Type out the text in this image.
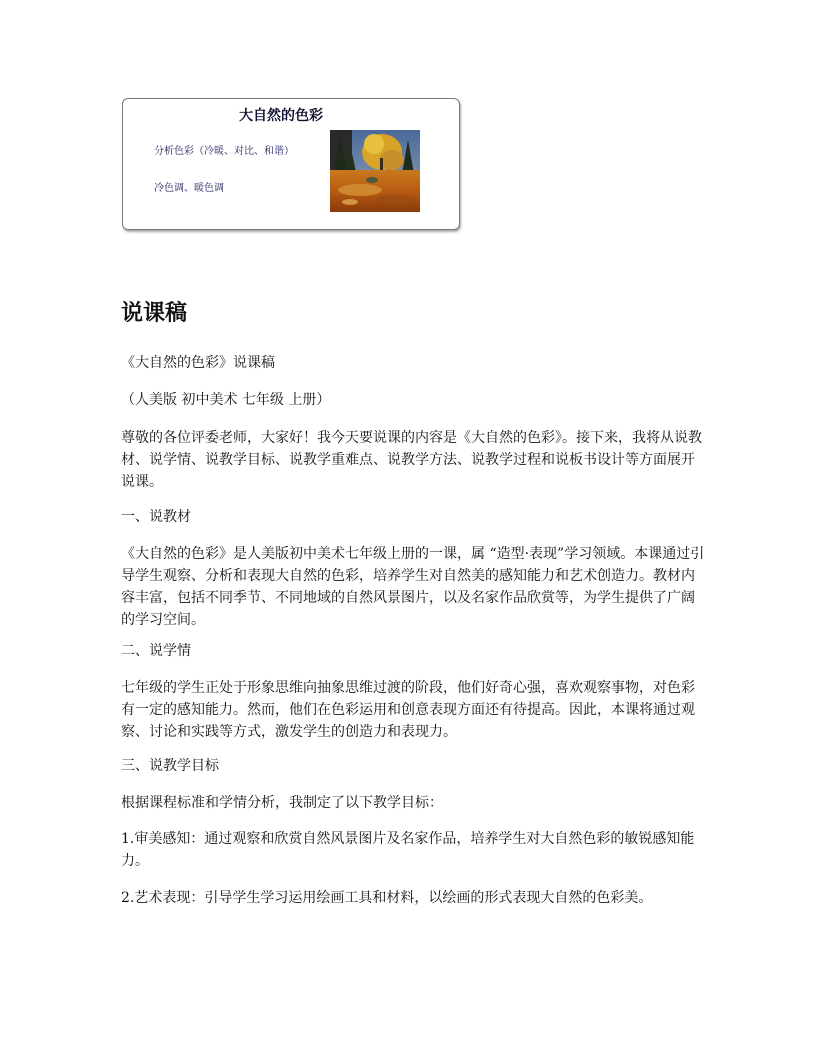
大自然的色彩
分析色彩（冷暖、对比、和谐）
冷色调、暖色调
说课稿

《大自然的色彩》说课稿

（人美版 初中美术 七年级 上册）

尊敬的各位评委老师，大家好！我今天要说课的内容是《大自然的色彩》。接下来，我将从说教材、说学情、说教学目标、说教学重难点、说教学方法、说教学过程和说板书设计等方面展开说课。

一、说教材

《大自然的色彩》是人美版初中美术七年级上册的一课，属 “造型·表现”学习领域。本课通过引导学生观察、分析和表现大自然的色彩，培养学生对自然美的感知能力和艺术创造力。教材内容丰富，包括不同季节、不同地域的自然风景图片，以及名家作品欣赏等，为学生提供了广阔的学习空间。

二、说学情

七年级的学生正处于形象思维向抽象思维过渡的阶段，他们好奇心强，喜欢观察事物，对色彩有一定的感知能力。然而，他们在色彩运用和创意表现方面还有待提高。因此，本课将通过观察、讨论和实践等方式，激发学生的创造力和表现力。

三、说教学目标

根据课程标准和学情分析，我制定了以下教学目标：

1.审美感知：通过观察和欣赏自然风景图片及名家作品，培养学生对大自然色彩的敏锐感知能力。

2.艺术表现：引导学生学习运用绘画工具和材料，以绘画的形式表现大自然的色彩美。
